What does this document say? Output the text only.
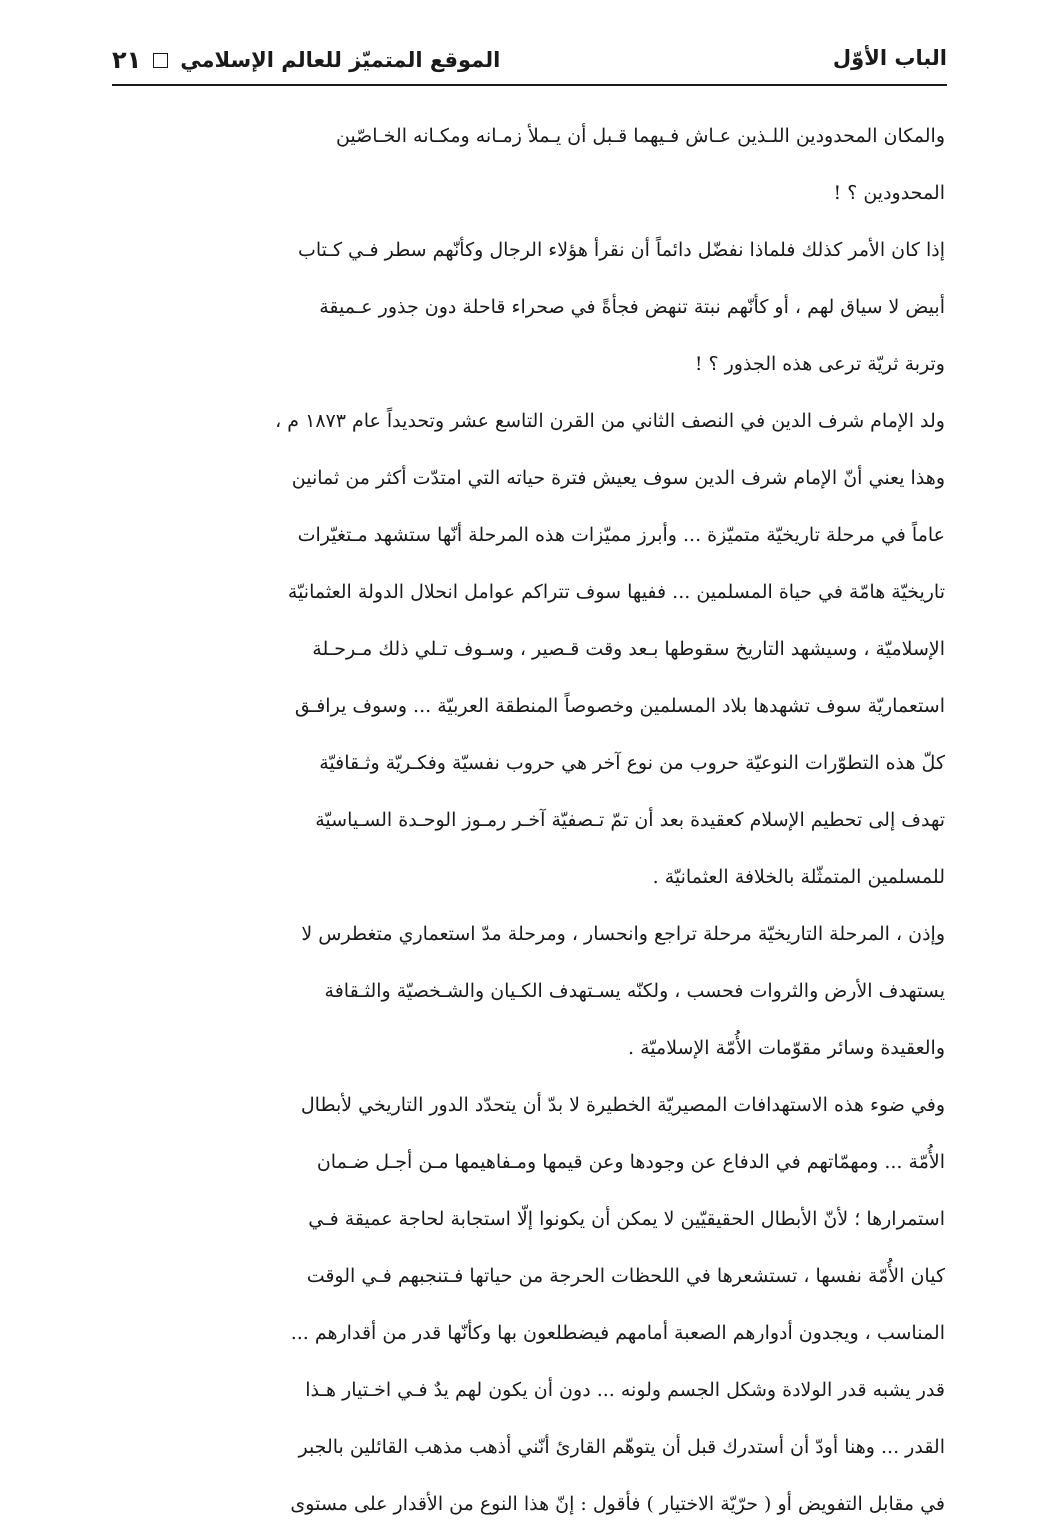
الباب الأوّل
الموقع المتميّز للعالم الإسلامي
٢١
والمكان المحدودين اللـذين عـاش فـيهما قـبل أن يـملأ زمـانه ومكـانه الخـاصّين
المحدودين ؟ !
إذا كان الأمر كذلك فلماذا نفضّل دائماً أن نقرأ هؤلاء الرجال وكأنّهم سطر فـي كـتاب
أبيض لا سياق لهم ، أو كأنّهم نبتة تنهض فجأةً في صحراء قاحلة دون جذور عـميقة
وتربة ثريّة ترعى هذه الجذور ؟ !
ولد الإمام شرف الدين في النصف الثاني من القرن التاسع عشر وتحديداً عام ١٨٧٣ م ،
وهذا يعني أنّ الإمام شرف الدين سوف يعيش فترة حياته التي امتدّت أكثر من ثمانين
عاماً في مرحلة تاريخيّة متميّزة ... وأبرز مميّزات هذه المرحلة أنّها ستشهد مـتغيّرات
تاريخيّة هامّة في حياة المسلمين ... ففيها سوف تتراكم عوامل انحلال الدولة العثمانيّة
الإسلاميّة ، وسيشهد التاريخ سقوطها بـعد وقت قـصير ، وسـوف تـلي ذلك مـرحـلة
استعماريّة سوف تشهدها بلاد المسلمين وخصوصاً المنطقة العربيّة ... وسوف يرافـق
كلّ هذه التطوّرات النوعيّة حروب من نوع آخر هي حروب نفسيّة وفكـريّة وثـقافيّة
تهدف إلى تحطيم الإسلام كعقيدة بعد أن تمّ تـصفيّة آخـر رمـوز الوحـدة السـياسيّة
للمسلمين المتمثّلة بالخلافة العثمانيّة .
وإذن ، المرحلة التاريخيّة مرحلة تراجع وانحسار ، ومرحلة مدّ استعماري متغطرس لا
يستهدف الأرض والثروات فحسب ، ولكنّه يسـتهدف الكـيان والشـخصيّة والثـقافة
والعقيدة وسائر مقوّمات الأُمّة الإسلاميّة .
وفي ضوء هذه الاستهدافات المصيريّة الخطيرة لا بدّ أن يتحدّد الدور التاريخي لأبطال
الأُمّة ... ومهمّاتهم في الدفاع عن وجودها وعن قيمها ومـفاهيمها مـن أجـل ضـمان
استمرارها ؛ لأنّ الأبطال الحقيقيّين لا يمكن أن يكونوا إلّا استجابة لحاجة عميقة فـي
كيان الأُمّة نفسها ، تستشعرها في اللحظات الحرجة من حياتها فـتنجبهم فـي الوقت
المناسب ، ويجدون أدوارهم الصعبة أمامهم فيضطلعون بها وكأنّها قدر من أقدارهم ...
قدر يشبه قدر الولادة وشكل الجسم ولونه ... دون أن يكون لهم يدٌ فـي اخـتيار هـذا
القدر ... وهنا أودّ أن أستدرك قبل أن يتوهّم القارئ أنّني أذهب مذهب القائلين بالجبر
في مقابل التفويض أو ( حرّيّة الاختيار ) فأقول : إنّ هذا النوع من الأقدار على مستوى
